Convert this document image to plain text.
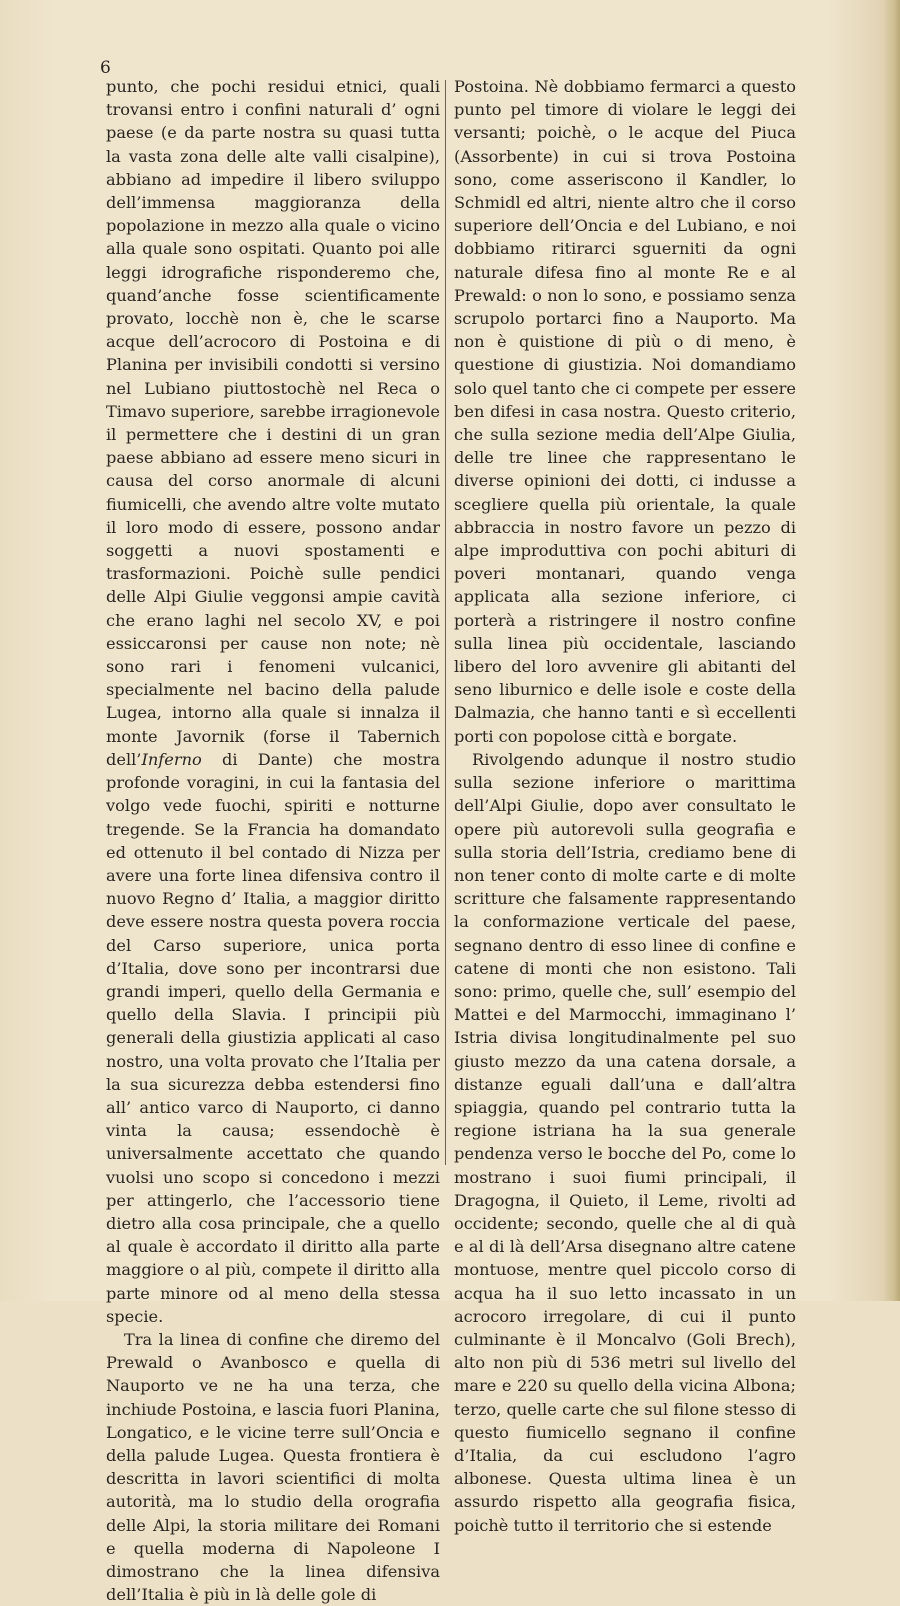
6

punto, che pochi residui etnici, quali trovansi entro i confini naturali d’ ogni paese (e da parte nostra su quasi tutta la vasta zona delle alte valli cisalpine), abbiano ad impedire il libero sviluppo dell’immensa maggioranza della popolazione in mezzo alla quale o vicino alla quale sono ospitati. Quanto poi alle leggi idrografiche risponderemo che, quand’anche fosse scientificamente provato, locchè non è, che le scarse acque dell’acrocoro di Postoina e di Planina per invisibili condotti si versino nel Lubiano piuttostochè nel Reca o Timavo superiore, sarebbe irragionevole il permettere che i destini di un gran paese abbiano ad essere meno sicuri in causa del corso anormale di alcuni fiumicelli, che avendo altre volte mutato il loro modo di essere, possono andar soggetti a nuovi spostamenti e trasformazioni. Poichè sulle pendici delle Alpi Giulie veggonsi ampie cavità che erano laghi nel secolo XV, e poi essiccaronsi per cause non note; nè sono rari i fenomeni vulcanici, specialmente nel bacino della palude Lugea, intorno alla quale si innalza il monte Javornik (forse il Tabernich dell’Inferno di Dante) che mostra profonde voragini, in cui la fantasia del volgo vede fuochi, spiriti e notturne tregende. Se la Francia ha domandato ed ottenuto il bel contado di Nizza per avere una forte linea difensiva contro il nuovo Regno d’ Italia, a maggior diritto deve essere nostra questa povera roccia del Carso superiore, unica porta d’Italia, dove sono per incontrarsi due grandi imperi, quello della Germania e quello della Slavia. I principii più generali della giustizia applicati al caso nostro, una volta provato che l’Italia per la sua sicurezza debba estendersi fino all’ antico varco di Nauporto, ci danno vinta la causa; essendochè è universalmente accettato che quando vuolsi uno scopo si concedono i mezzi per attingerlo, che l’accessorio tiene dietro alla cosa principale, che a quello al quale è accordato il diritto alla parte maggiore o al più, compete il diritto alla parte minore od al meno della stessa specie.

Tra la linea di confine che diremo del Prewald o Avanbosco e quella di Nauporto ve ne ha una terza, che inchiude Postoina, e lascia fuori Planina, Longatico, e le vicine terre sull’Oncia e della palude Lugea. Questa frontiera è descritta in lavori scientifici di molta autorità, ma lo studio della orografia delle Alpi, la storia militare dei Romani e quella moderna di Napoleone I dimostrano che la linea difensiva dell’Italia è più in là delle gole di

Postoina. Nè dobbiamo fermarci a questo punto pel timore di violare le leggi dei versanti; poichè, o le acque del Piuca (Assorbente) in cui si trova Postoina sono, come asseriscono il Kandler, lo Schmidl ed altri, niente altro che il corso superiore dell’Oncia e del Lubiano, e noi dobbiamo ritirarci sguerniti da ogni naturale difesa fino al monte Re e al Prewald: o non lo sono, e possiamo senza scrupolo portarci fino a Nauporto. Ma non è quistione di più o di meno, è questione di giustizia. Noi domandiamo solo quel tanto che ci compete per essere ben difesi in casa nostra. Questo criterio, che sulla sezione media dell’Alpe Giulia, delle tre linee che rappresentano le diverse opinioni dei dotti, ci indusse a scegliere quella più orientale, la quale abbraccia in nostro favore un pezzo di alpe improduttiva con pochi abituri di poveri montanari, quando venga applicata alla sezione inferiore, ci porterà a ristringere il nostro confine sulla linea più occidentale, lasciando libero del loro avvenire gli abitanti del seno liburnico e delle isole e coste della Dalmazia, che hanno tanti e sì eccellenti porti con popolose città e borgate.

Rivolgendo adunque il nostro studio sulla sezione inferiore o marittima dell’Alpi Giulie, dopo aver consultato le opere più autorevoli sulla geografia e sulla storia dell’Istria, crediamo bene di non tener conto di molte carte e di molte scritture che falsamente rappresentando la conformazione verticale del paese, segnano dentro di esso linee di confine e catene di monti che non esistono. Tali sono: primo, quelle che, sull’ esempio del Mattei e del Marmocchi, immaginano l’ Istria divisa longitudinalmente pel suo giusto mezzo da una catena dorsale, a distanze eguali dall’una e dall’altra spiaggia, quando pel contrario tutta la regione istriana ha la sua generale pendenza verso le bocche del Po, come lo mostrano i suoi fiumi principali, il Dragogna, il Quieto, il Leme, rivolti ad occidente; secondo, quelle che al di quà e al di là dell’Arsa disegnano altre catene montuose, mentre quel piccolo corso di acqua ha il suo letto incassato in un acrocoro irregolare, di cui il punto culminante è il Moncalvo (Goli Brech), alto non più di 536 metri sul livello del mare e 220 su quello della vicina Albona; terzo, quelle carte che sul filone stesso di questo fiumicello segnano il confine d’Italia, da cui escludono l’agro albonese. Questa ultima linea è un assurdo rispetto alla geografia fisica, poichè tutto il territorio che si estende
